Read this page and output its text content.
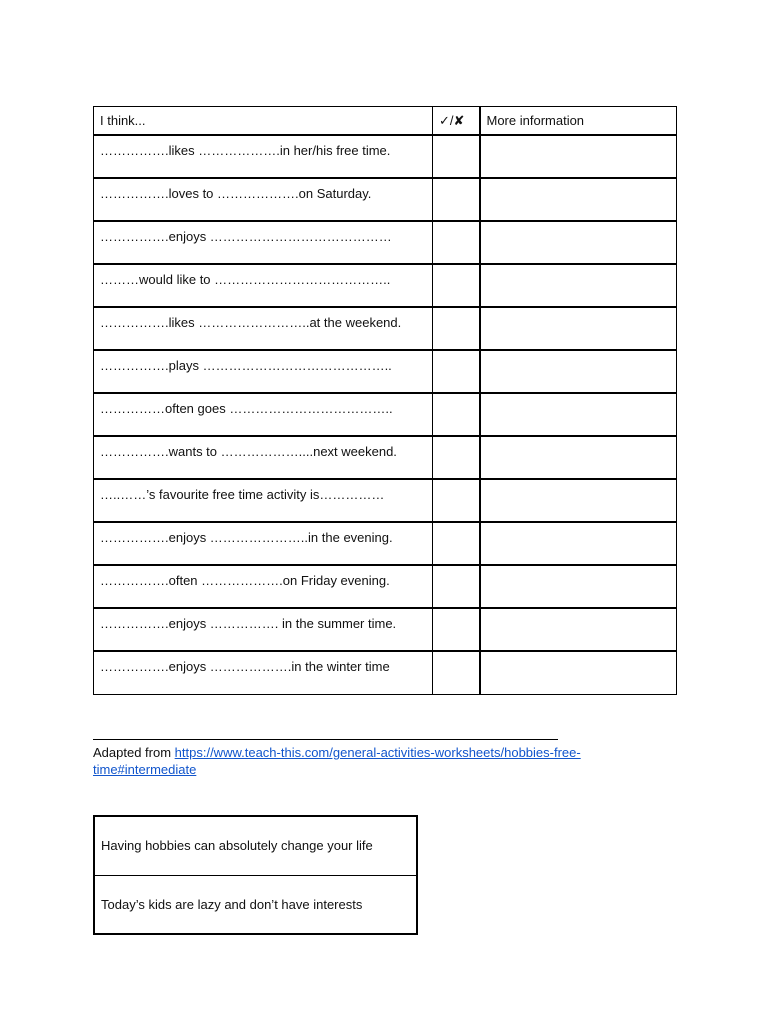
I think...	✓/✘	More information
…………….likes ……………….in her/his free time.		
…………….loves to ……………….on Saturday.		
…………….enjoys ……………………………………		
………would like to …………………………………..		
…………….likes ……………………..at the weekend.		
…………….plays ……………………………………..		
……………often goes ………………………………..		
…………….wants to ………………....next weekend.		
…..……’s favourite free time activity is……………		
…………….enjoys …………………..in the evening.		
…………….often ……………….on Friday evening.		
…………….enjoys ……………. in the summer time.		
…………….enjoys ……………….in the winter time		
Adapted from https://www.teach-this.com/general-activities-worksheets/hobbies-free-time#intermediate
Having hobbies can absolutely change your life
Today’s kids are lazy and don’t have interests
